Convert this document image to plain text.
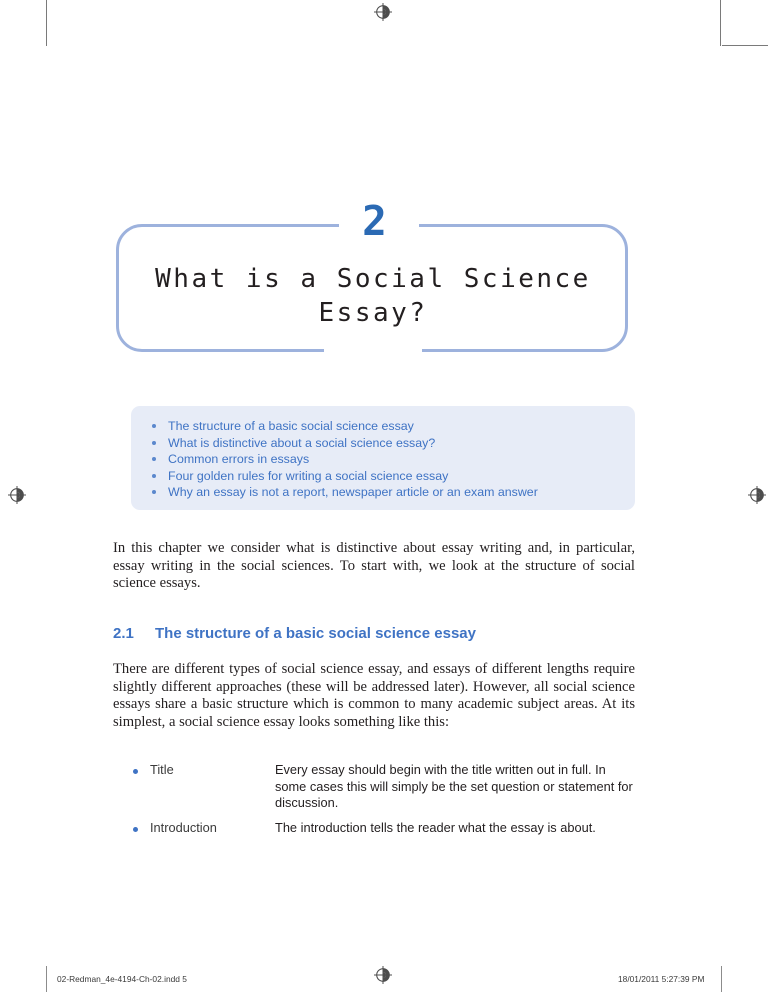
2
What is a Social Science
Essay?
The structure of a basic social science essay
What is distinctive about a social science essay?
Common errors in essays
Four golden rules for writing a social science essay
Why an essay is not a report, newspaper article or an exam answer
In this chapter we consider what is distinctive about essay writing and, in particular, essay writing in the social sciences. To start with, we look at the structure of social science essays.
2.1 The structure of a basic social science essay
There are different types of social science essay, and essays of different lengths require slightly different approaches (these will be addressed later). However, all social science essays share a basic structure which is common to many academic subject areas. At its simplest, a social science essay looks something like this:
Title	Every essay should begin with the title written out in full. In some cases this will simply be the set question or statement for discussion.
Introduction	The introduction tells the reader what the essay is about.
02-Redman_4e-4194-Ch-02.indd 5	18/01/2011 5:27:39 PM
